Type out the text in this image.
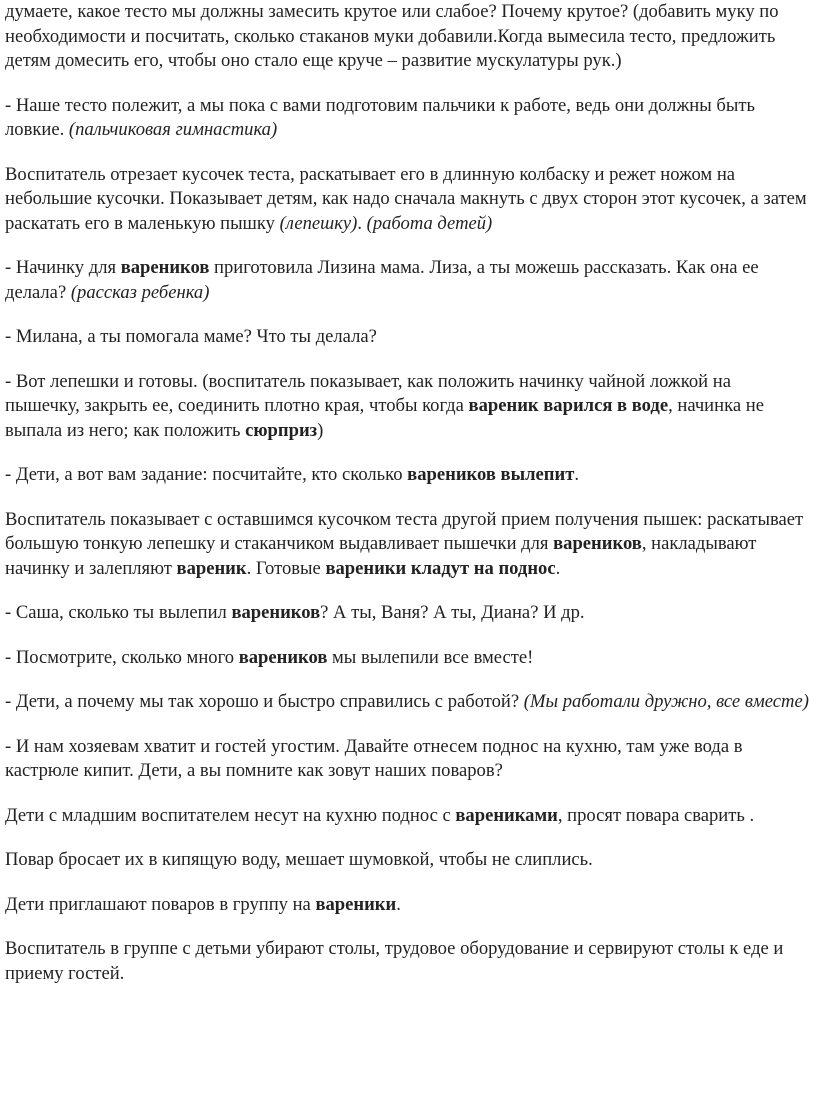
думаете, какое тесто мы должны замесить крутое или слабое? Почему крутое? (добавить муку по необходимости и посчитать, сколько стаканов муки добавили.Когда вымесила тесто, предложить детям домесить его, чтобы оно стало еще круче – развитие мускулатуры рук.)

- Наше тесто полежит, а мы пока с вами подготовим пальчики к работе, ведь они должны быть ловкие. (пальчиковая гимнастика)

Воспитатель отрезает кусочек теста, раскатывает его в длинную колбаску и режет ножом на небольшие кусочки. Показывает детям, как надо сначала макнуть с двух сторон этот кусочек, а затем раскатать его в маленькую пышку (лепешку). (работа детей)

- Начинку для вареников приготовила Лизина мама. Лиза, а ты можешь рассказать. Как она ее делала? (рассказ ребенка)

- Милана, а ты помогала маме? Что ты делала?

- Вот лепешки и готовы. (воспитатель показывает, как положить начинку чайной ложкой на пышечку, закрыть ее, соединить плотно края, чтобы когда вареник варился в воде, начинка не выпала из него; как положить сюрприз)

- Дети, а вот вам задание: посчитайте, кто сколько вареников вылепит.

Воспитатель показывает с оставшимся кусочком теста другой прием получения пышек: раскатывает большую тонкую лепешку и стаканчиком выдавливает пышечки для вареников, накладывают начинку и залепляют вареник. Готовые вареники кладут на поднос.

- Саша, сколько ты вылепил вареников? А ты, Ваня? А ты, Диана? И др.

- Посмотрите, сколько много вареников мы вылепили все вместе!

- Дети, а почему мы так хорошо и быстро справились с работой? (Мы работали дружно, все вместе)

- И нам хозяевам хватит и гостей угостим. Давайте отнесем поднос на кухню, там уже вода в кастрюле кипит. Дети, а вы помните как зовут наших поваров?

Дети с младшим воспитателем несут на кухню поднос с варениками, просят повара сварить .

Повар бросает их в кипящую воду, мешает шумовкой, чтобы не слиплись.

Дети приглашают поваров в группу на вареники.

Воспитатель в группе с детьми убирают столы, трудовое оборудование и сервируют столы к еде и приему гостей.
